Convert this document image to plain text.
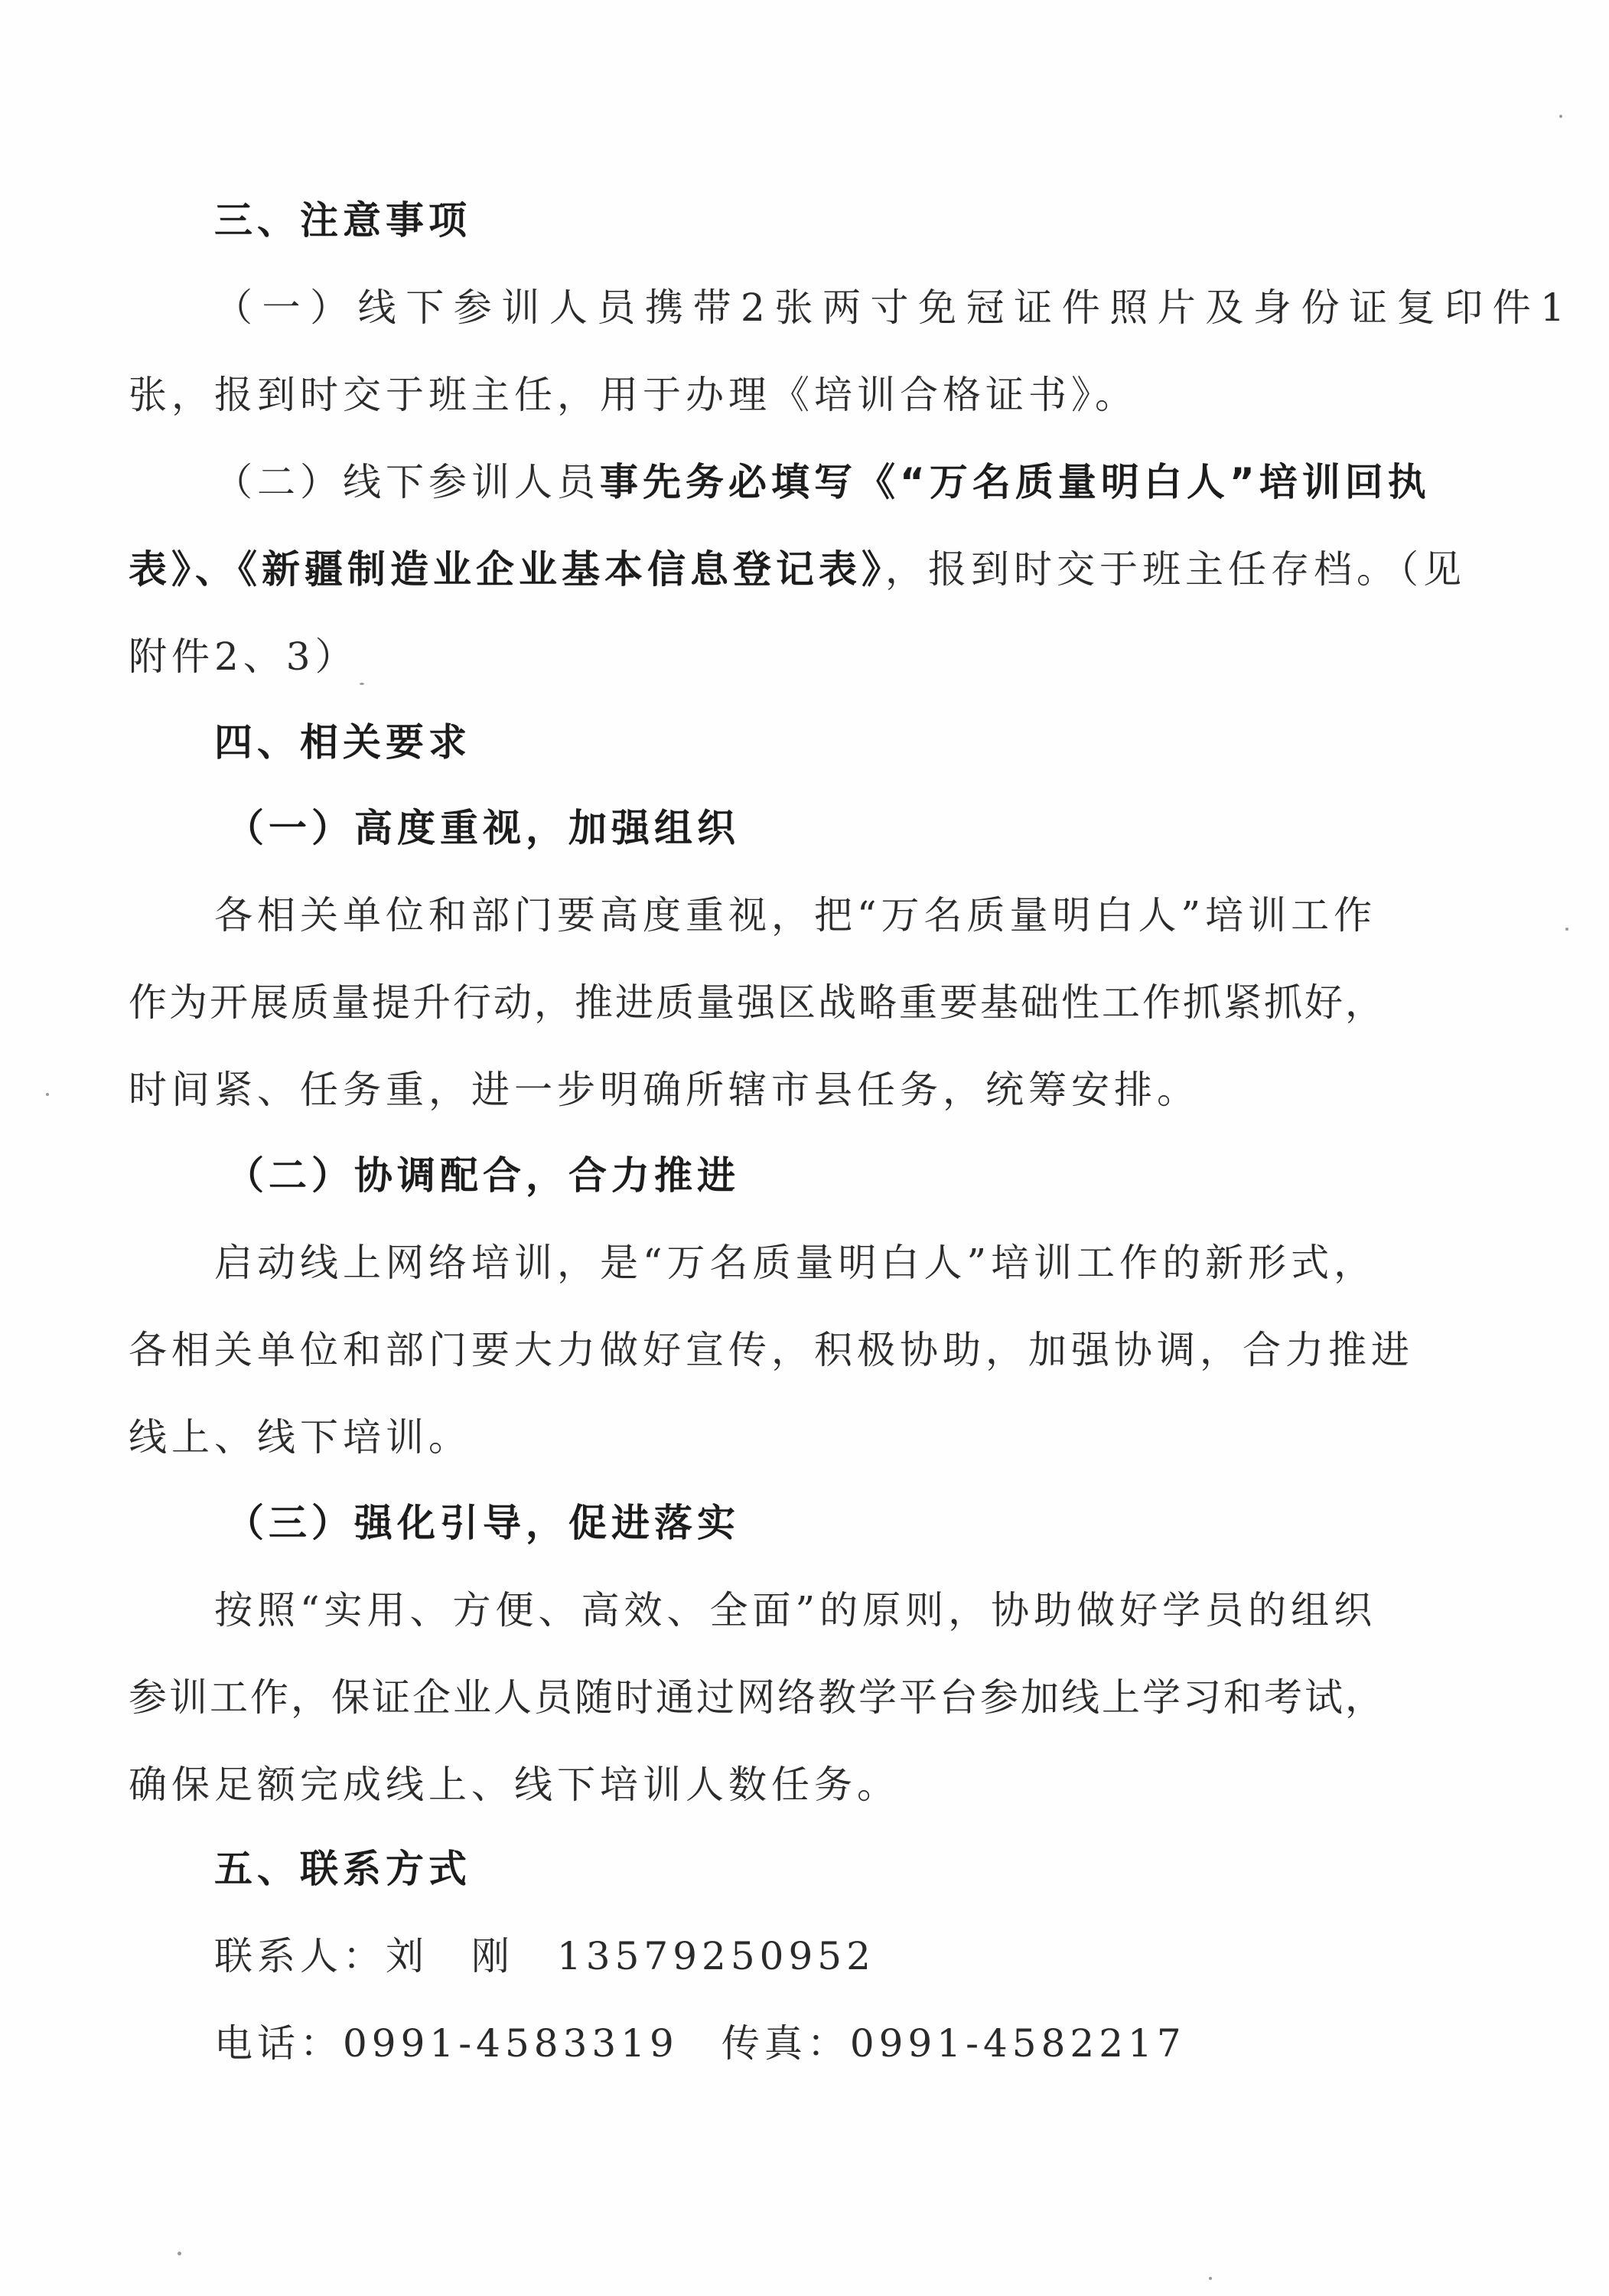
三、注意事项
（一）线下参训人员携带2张两寸免冠证件照片及身份证复印件1
张，报到时交于班主任，用于办理《培训合格证书》。
（二）线下参训人员事先务必填写《“万名质量明白人”培训回执
表》、《新疆制造业企业基本信息登记表》，报到时交于班主任存档。（见
附件2、3）
四、相关要求
（一）高度重视，加强组织
各相关单位和部门要高度重视，把“万名质量明白人”培训工作
作为开展质量提升行动，推进质量强区战略重要基础性工作抓紧抓好，
时间紧、任务重，进一步明确所辖市县任务，统筹安排。
（二）协调配合，合力推进
启动线上网络培训，是“万名质量明白人”培训工作的新形式，
各相关单位和部门要大力做好宣传，积极协助，加强协调，合力推进
线上、线下培训。
（三）强化引导，促进落实
按照“实用、方便、高效、全面”的原则，协助做好学员的组织
参训工作，保证企业人员随时通过网络教学平台参加线上学习和考试，
确保足额完成线上、线下培训人数任务。
五、联系方式
联系人：刘　刚　13579250952
电话：0991-4583319　传真：0991-4582217
